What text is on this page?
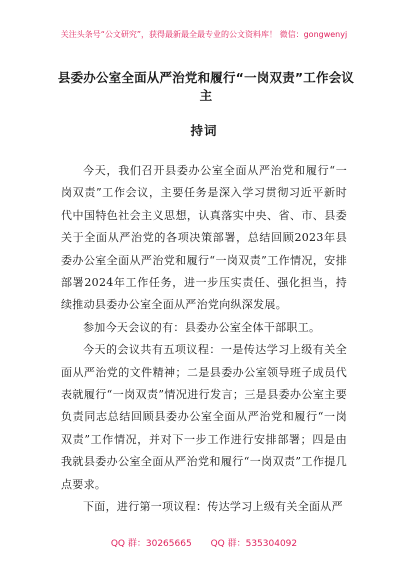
关注头条号“公文研究”，获得最新最全最专业的公文资料库！ 微信：gongwenyj
县委办公室全面从严治党和履行“一岗双责”工作会议主
持词

今天，我们召开县委办公室全面从严治党和履行“一岗双责”工作会议，主要任务是深入学习贯彻习近平新时代中国特色社会主义思想，认真落实中央、省、市、县委关于全面从严治党的各项决策部署，总结回顾2023年县委办公室全面从严治党和履行“一岗双责”工作情况，安排部署2024年工作任务，进一步压实责任、强化担当，持续推动县委办公室全面从严治党向纵深发展。

参加今天会议的有：县委办公室全体干部职工。

今天的会议共有五项议程：一是传达学习上级有关全面从严治党的文件精神；二是县委办公室领导班子成员代表就履行“一岗双责”情况进行发言；三是县委办公室主要负责同志总结回顾县委办公室全面从严治党和履行“一岗双责”工作情况，并对下一步工作进行安排部署；四是由我就县委办公室全面从严治党和履行“一岗双责”工作提几点要求。

下面，进行第一项议程：传达学习上级有关全面从严

QQ 群：30265665 QQ 群：535304092
